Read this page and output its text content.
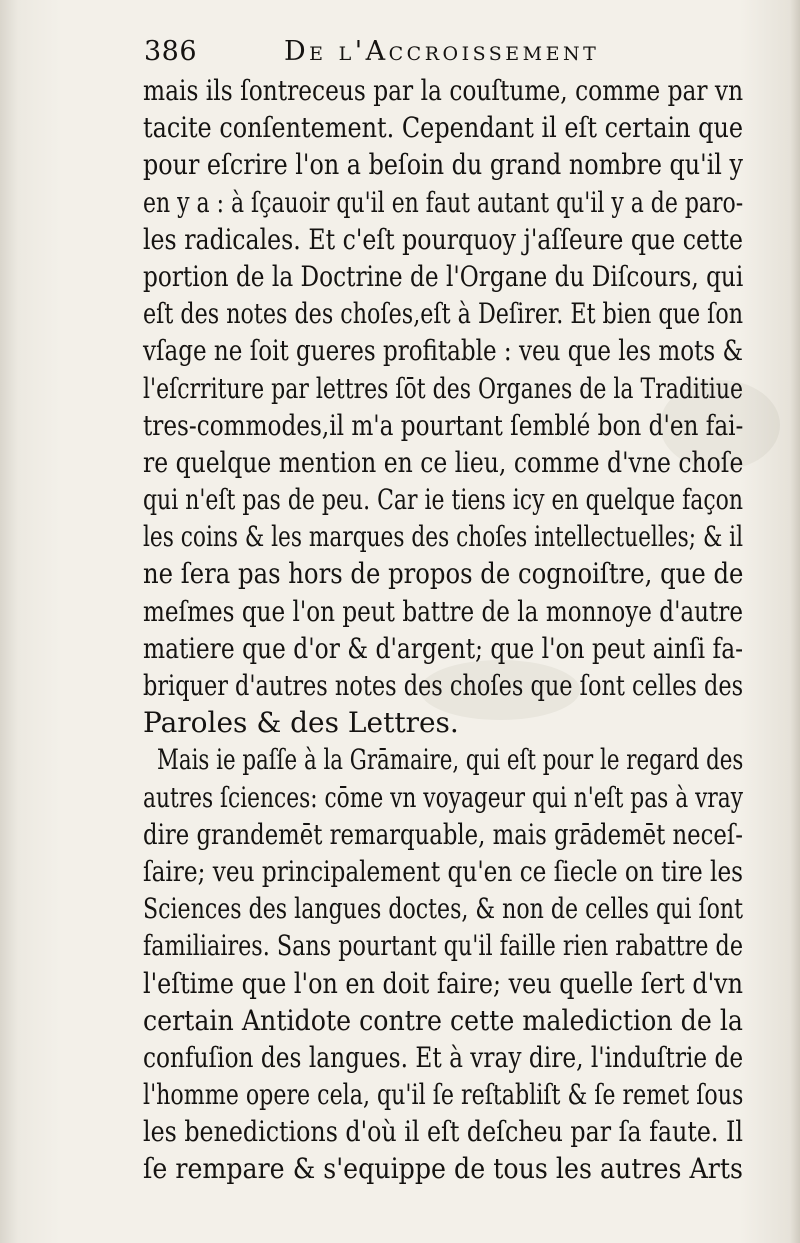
386	De l'Accroissement
mais ils ſontreceus par la couſtume, comme par vn
tacite conſentement. Cependant il eſt certain que
pour eſcrire l'on a beſoin du grand nombre qu'il y
en y a : à ſçauoir qu'il en faut autant qu'il y a de paro-
les radicales. Et c'eſt pourquoy j'aſſeure que cette
portion de la Doctrine de l'Organe du Diſcours, qui
eſt des notes des choſes,eſt à Deſirer. Et bien que ſon
vſage ne ſoit gueres profitable : veu que les mots &
l'eſcrriture par lettres ſōt des Organes de la Traditiue
tres-commodes,il m'a pourtant ſemblé bon d'en fai-
re quelque mention en ce lieu, comme d'vne choſe
qui n'eſt pas de peu. Car ie tiens icy en quelque façon
les coins & les marques des choſes intellectuelles; & il
ne ſera pas hors de propos de cognoiſtre, que de
meſmes que l'on peut battre de la monnoye d'autre
matiere que d'or & d'argent; que l'on peut ainſi fa-
briquer d'autres notes des choſes que ſont celles des
Paroles & des Lettres.
Mais ie paſſe à la Grāmaire, qui eſt pour le regard des
autres ſciences: cōme vn voyageur qui n'eſt pas à vray
dire grandemēt remarquable, mais grādemēt neceſ-
ſaire; veu principalement qu'en ce ſiecle on tire les
Sciences des langues doctes, & non de celles qui ſont
familiaires. Sans pourtant qu'il faille rien rabattre de
l'eſtime que l'on en doit faire; veu quelle ſert d'vn
certain Antidote contre cette malediction de la
confuſion des langues. Et à vray dire, l'induſtrie de
l'homme opere cela, qu'il ſe reſtabliſt & ſe remet ſous
les benedictions d'où il eſt deſcheu par ſa faute. Il
ſe rempare & s'equippe de tous les autres Arts
